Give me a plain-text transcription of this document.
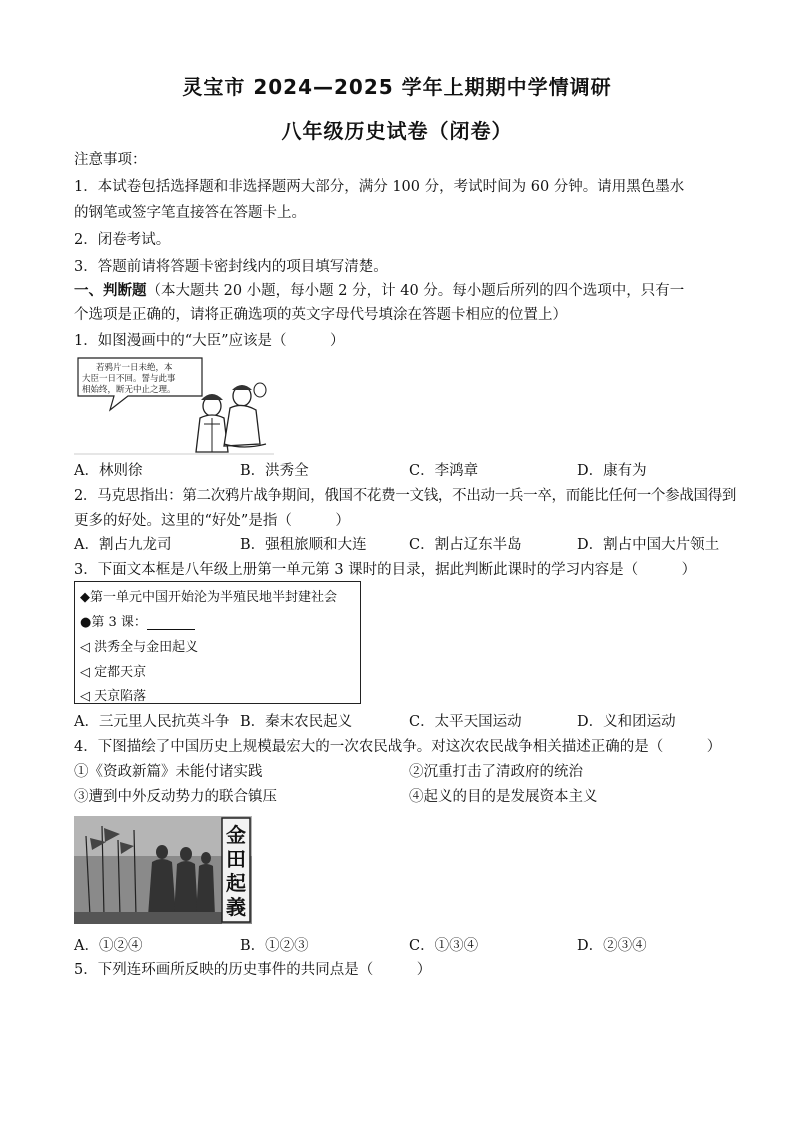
灵宝市 2024—2025 学年上期期中学情调研
八年级历史试卷（闭卷）
注意事项：
1．本试卷包括选择题和非选择题两大部分，满分 100 分，考试时间为 60 分钟。请用黑色墨水
的钢笔或签字笔直接答在答题卡上。
2．闭卷考试。
3．答题前请将答题卡密封线内的项目填写清楚。
一、判断题（本大题共 20 小题，每小题 2 分，计 40 分。每小题后所列的四个选项中，只有一
个选项是正确的，请将正确选项的英文字母代号填涂在答题卡相应的位置上）
1．如图漫画中的“大臣”应该是（　　　）
若鸦片一日未绝，本
大臣一日不回。誓与此事
相始终，断无中止之理。
A．林则徐	B．洪秀全	C．李鸿章	D．康有为
2．马克思指出：第二次鸦片战争期间，俄国不花费一文钱，不出动一兵一卒，而能比任何一个参战国得到
更多的好处。这里的“好处”是指（　　　）
A．割占九龙司	B．强租旅顺和大连	C．割占辽东半岛	D．割占中国大片领土
3．下面文本框是八年级上册第一单元第 3 课时的目录，据此判断此课时的学习内容是（　　　）
◆第一单元中国开始沦为半殖民地半封建社会
●第 3 课：
◁ 洪秀全与金田起义
◁ 定都天京
◁ 天京陷落
A．三元里人民抗英斗争 B．秦末农民起义	C．太平天国运动	D．义和团运动
4．下图描绘了中国历史上规模最宏大的一次农民战争。对这次农民战争相关描述正确的是（　　　）
①《资政新篇》未能付诸实践	②沉重打击了清政府的统治
③遭到中外反动势力的联合镇压	④起义的目的是发展资本主义
金
田
起
義
A．①②④	B．①②③	C．①③④	D．②③④
5．下列连环画所反映的历史事件的共同点是（　　　）
